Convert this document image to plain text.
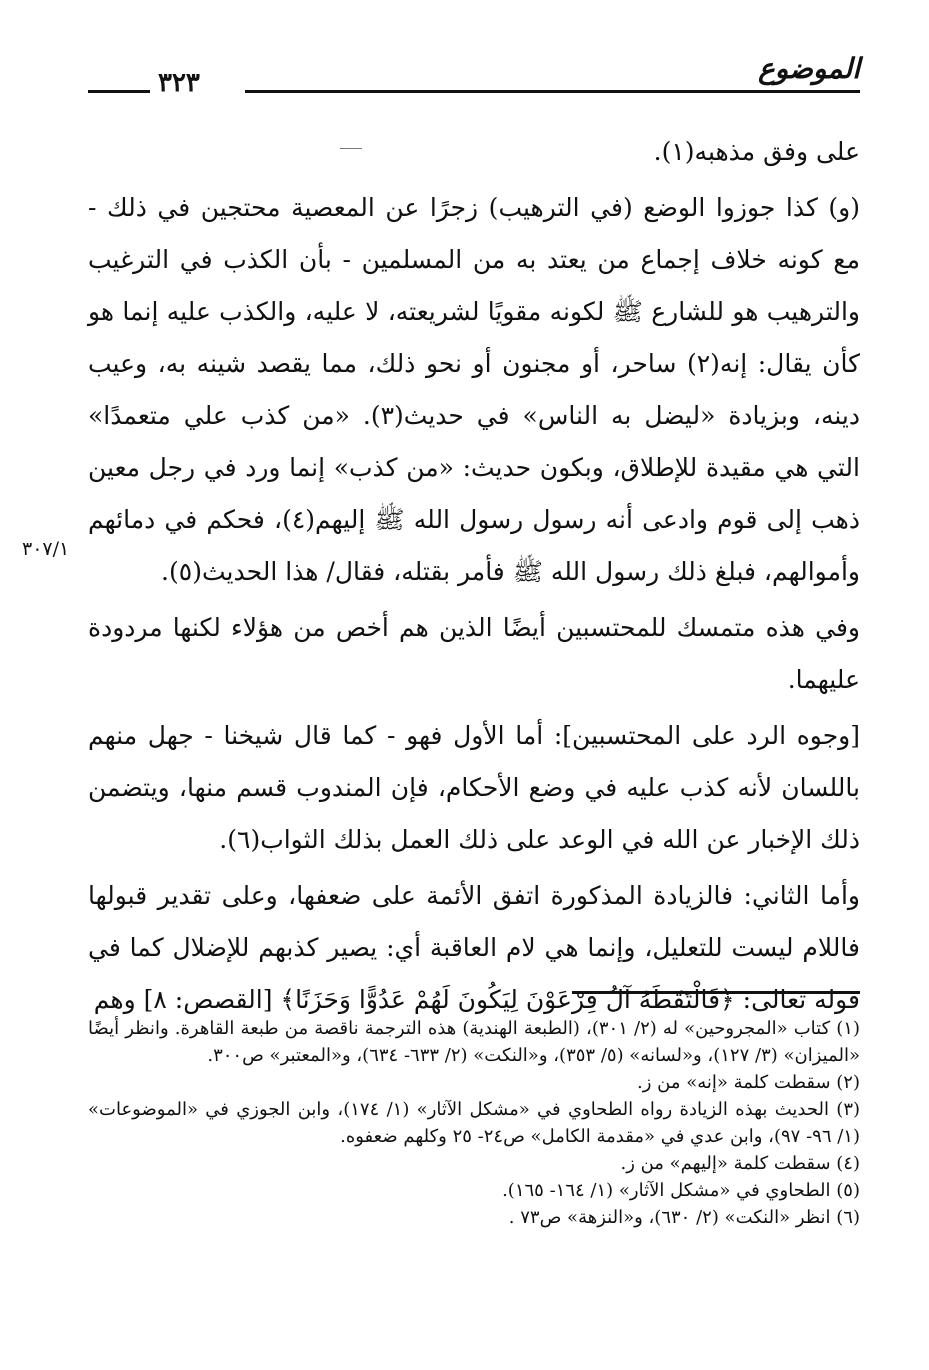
الموضوع
٣٢٣

على وفق مذهبه(١).

(و) كذا جوزوا الوضع (في الترهيب) زجرًا عن المعصية محتجين في ذلك - مع كونه خلاف إجماع من يعتد به من المسلمين - بأن الكذب في الترغيب والترهيب هو للشارع ﷺ لكونه مقويًا لشريعته، لا عليه، والكذب عليه إنما هو كأن يقال: إنه(٢) ساحر، أو مجنون أو نحو ذلك، مما يقصد شينه به، وعيب دينه، وبزيادة «ليضل به الناس» في حديث(٣). «من كذب علي متعمدًا» التي هي مقيدة للإطلاق، وبكون حديث: «من كذب» إنما ورد في رجل معين ذهب إلى قوم وادعى أنه رسول رسول الله ﷺ إليهم(٤)، فحكم في دمائهم وأموالهم، فبلغ ذلك رسول الله ﷺ فأمر بقتله، فقال/ هذا الحديث(٥).

وفي هذه متمسك للمحتسبين أيضًا الذين هم أخص من هؤلاء لكنها مردودة عليهما.

[وجوه الرد على المحتسبين]: أما الأول فهو - كما قال شيخنا - جهل منهم باللسان لأنه كذب عليه في وضع الأحكام، فإن المندوب قسم منها، ويتضمن ذلك الإخبار عن الله في الوعد على ذلك العمل بذلك الثواب(٦).

وأما الثاني: فالزيادة المذكورة اتفق الأئمة على ضعفها، وعلى تقدير قبولها فاللام ليست للتعليل، وإنما هي لام العاقبة أي: يصير كذبهم للإضلال كما في قوله تعالى: ﴿فَالْتَقَطَهُ آلُ فِرْعَوْنَ لِيَكُونَ لَهُمْ عَدُوًّا وَحَزَنًا﴾ [القصص: ٨] وهم

٣٠٧/١

(١) كتاب «المجروحين» له (٢/ ٣٠١)، (الطبعة الهندية) هذه الترجمة ناقصة من طبعة القاهرة. وانظر أيضًا «الميزان» (٣/ ١٢٧)، و«لسانه» (٥/ ٣٥٣)، و«النكت» (٢/ ٦٣٣- ٦٣٤)، و«المعتبر» ص٣٠٠.

(٢) سقطت كلمة «إنه» من ز.

(٣) الحديث بهذه الزيادة رواه الطحاوي في «مشكل الآثار» (١/ ١٧٤)، وابن الجوزي في «الموضوعات» (١/ ٩٦- ٩٧)، وابن عدي في «مقدمة الكامل» ص٢٤- ٢٥ وكلهم ضعفوه.

(٤) سقطت كلمة «إليهم» من ز.

(٥) الطحاوي في «مشكل الآثار» (١/ ١٦٤- ١٦٥).

(٦) انظر «النكت» (٢/ ٦٣٠)، و«النزهة» ص٧٣ .
